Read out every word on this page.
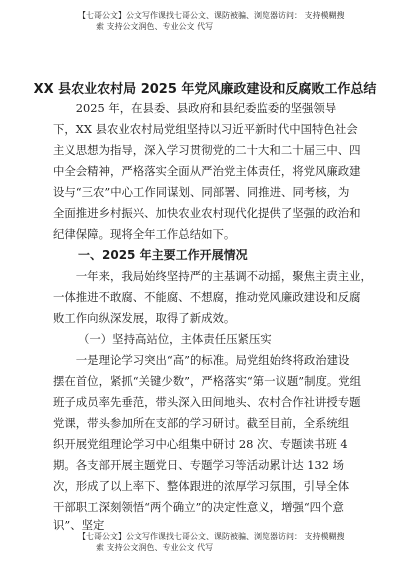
【七哥公文】公文写作课找七哥公文、课防被骗、浏览器访问： 支持模糊搜
索 支持公文润色、专业公文 代写
XX 县农业农村局 2025 年党风廉政建设和反腐败工作总结
　　2025 年，在县委、县政府和县纪委监委的坚强领导
下，XX 县农业农村局党组坚持以习近平新时代中国特色社会
主义思想为指导，深入学习贯彻党的二十大和二十届三中、四
中全会精神，严格落实全面从严治党主体责任，将党风廉政建
设与“三农”中心工作同谋划、同部署、同推进、同考核，为
全面推进乡村振兴、加快农业农村现代化提供了坚强的政治和
纪律保障。现将全年工作总结如下。
一、2025 年主要工作开展情况
　　一年来，我局始终坚持严的主基调不动摇，聚焦主责主业，
一体推进不敢腐、不能腐、不想腐，推动党风廉政建设和反腐
败工作向纵深发展，取得了新成效。
（一）坚持高站位，主体责任压紧压实
　　一是理论学习突出“高”的标准。局党组始终将政治建设
摆在首位，紧抓“关键少数”，严格落实“第一议题”制度。党组
班子成员率先垂范，带头深入田间地头、农村合作社讲授专题
党课，带头参加所在支部的学习研讨。截至目前，全系统组
织开展党组理论学习中心组集中研讨 28 次、专题读书班 4
期。各支部开展主题党日、专题学习等活动累计达 132 场
次，形成了以上率下、整体跟进的浓厚学习氛围，引导全体
干部职工深刻领悟“两个确立”的决定性意义，增强“四个意
识”、坚定
【七哥公文】公文写作课找七哥公文、课防被骗、浏览器访问： 支持模糊搜
索 支持公文润色、专业公文 代写
